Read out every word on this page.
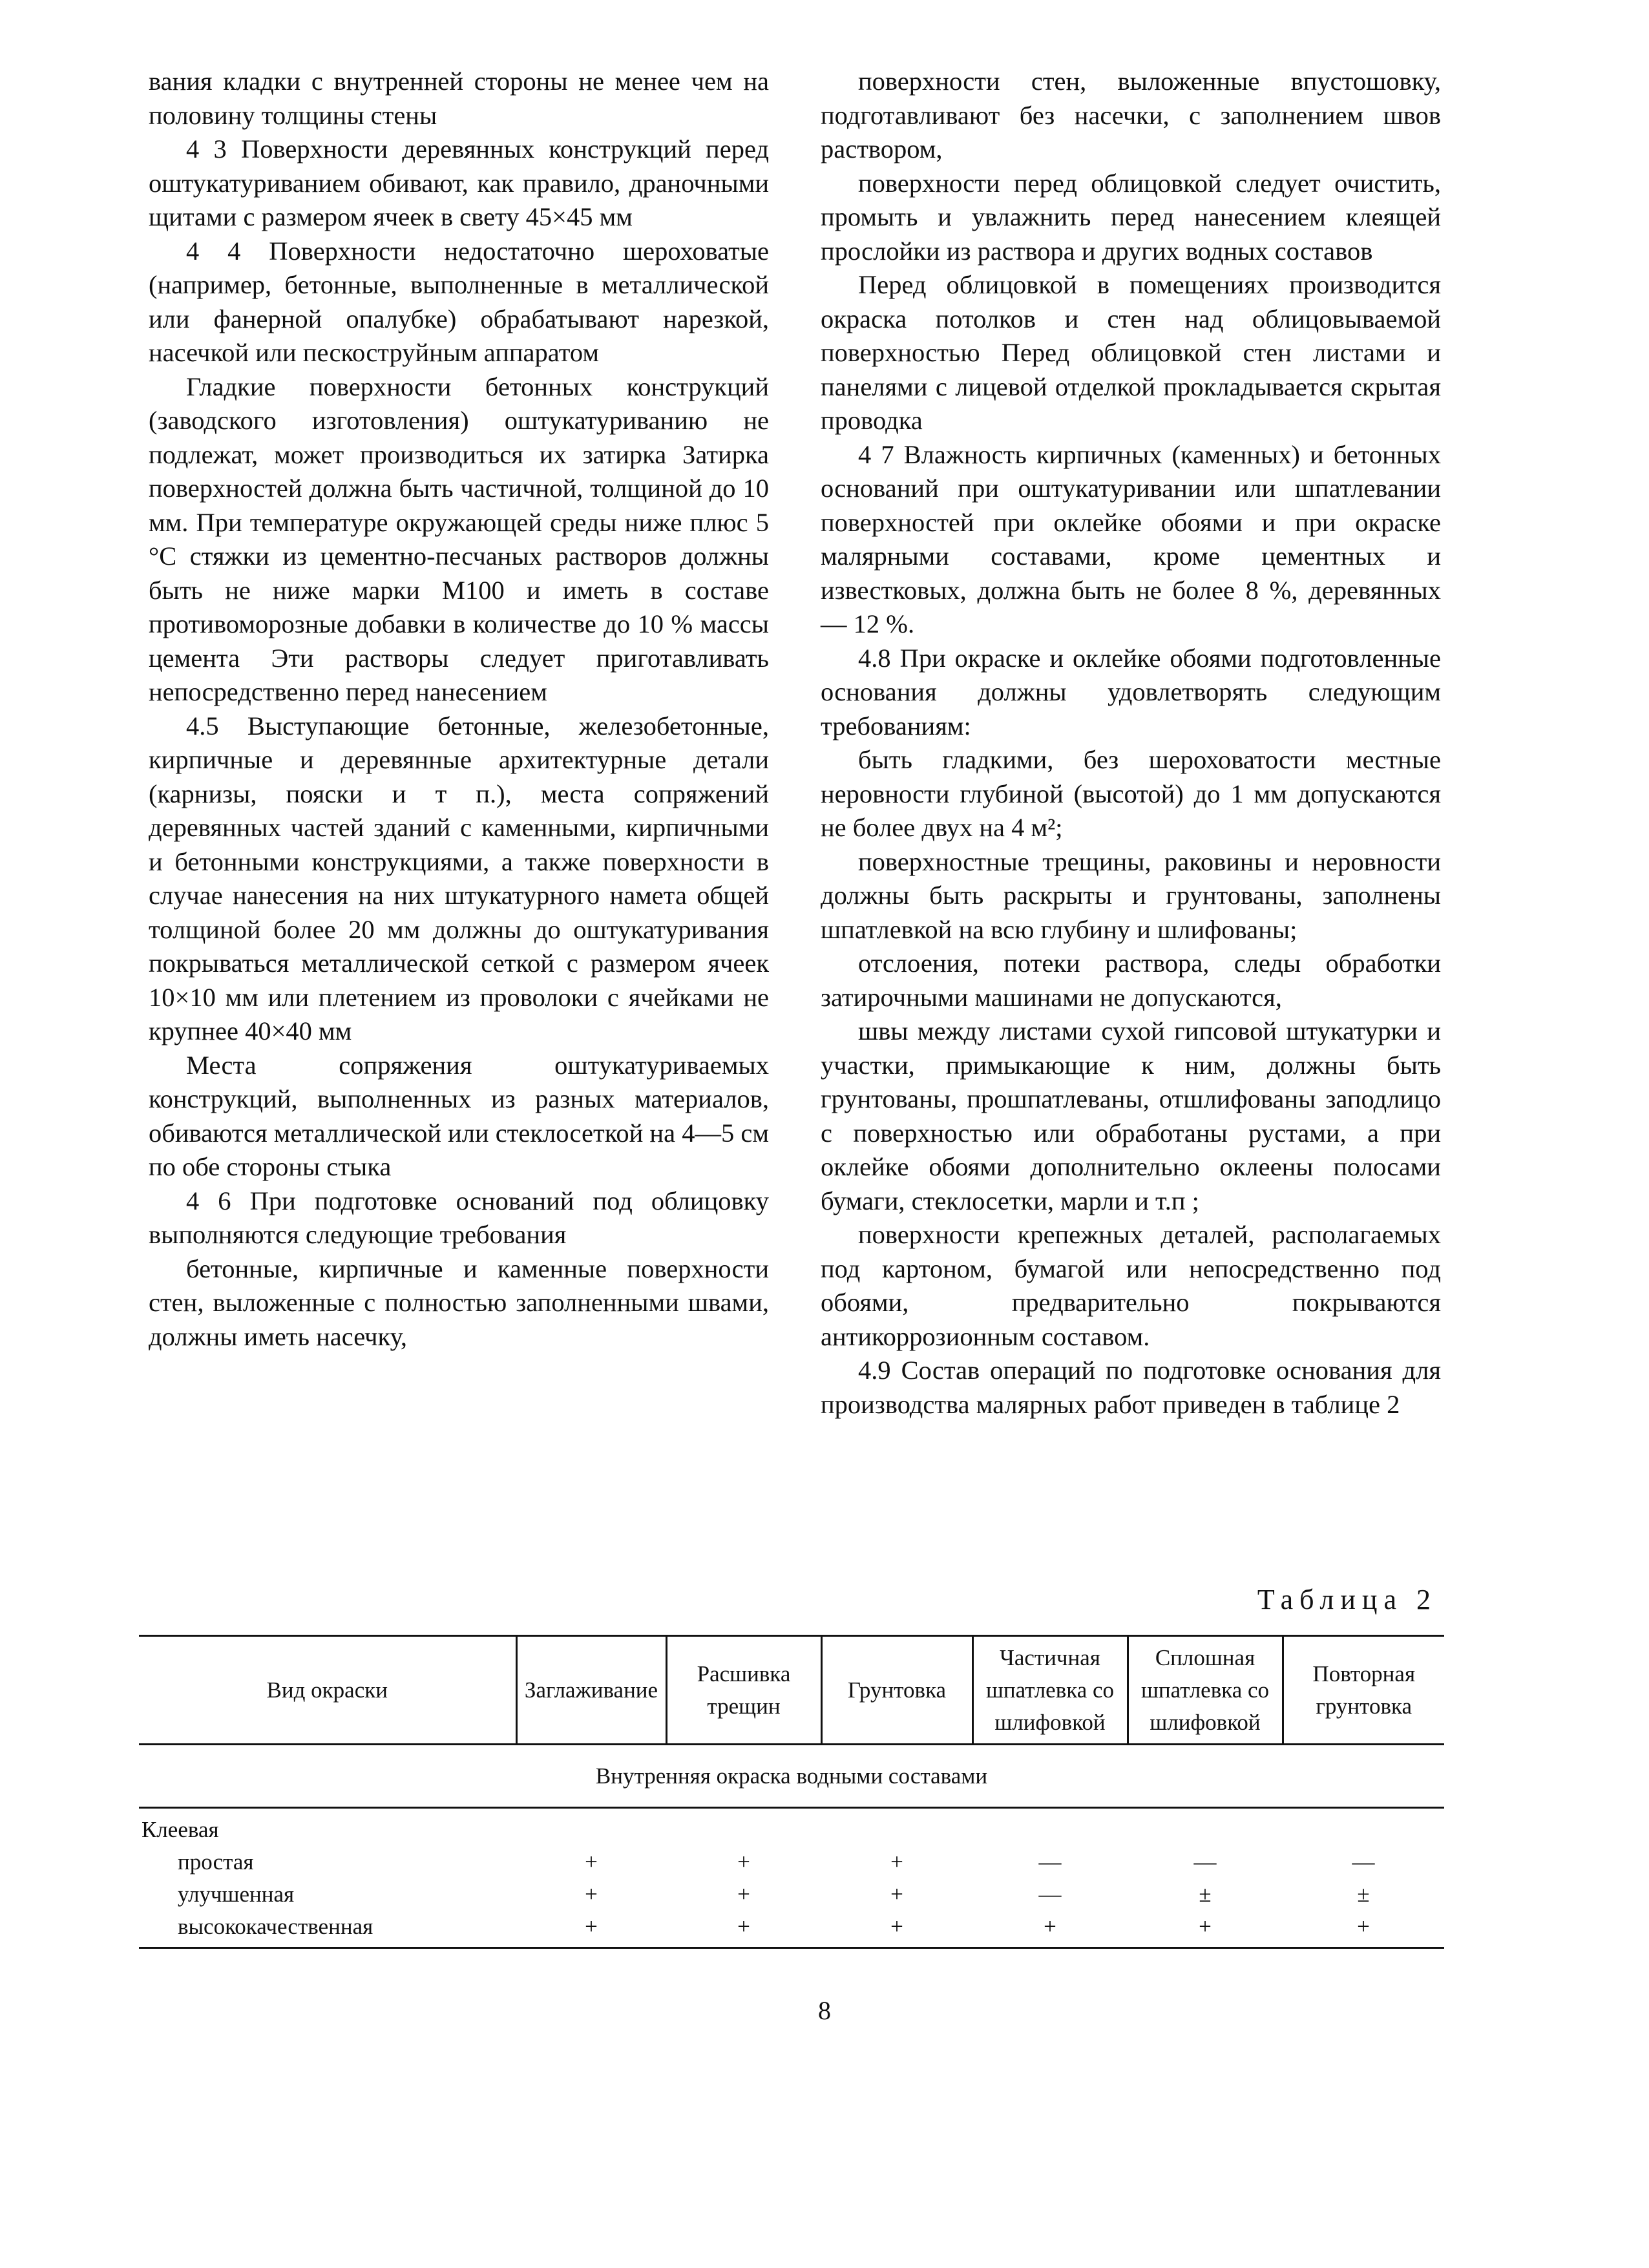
вания кладки с внутренней стороны не менее чем на половину толщины стены

4 3 Поверхности деревянных конструкций перед оштукатуриванием обивают, как правило, драночными щитами с размером ячеек в свету 45×45 мм

4 4 Поверхности недостаточно шероховатые (например, бетонные, выполненные в металлической или фанерной опалубке) обрабатывают нарезкой, насечкой или пескоструйным аппаратом

Гладкие поверхности бетонных конструкций (заводского изготовления) оштукатуриванию не подлежат, может производиться их затирка Затирка поверхностей должна быть частичной, толщиной до 10 мм. При температуре окружающей среды ниже плюс 5 °С стяжки из цементно-песчаных растворов должны быть не ниже марки М100 и иметь в составе противоморозные добавки в количестве до 10 % массы цемента Эти растворы следует приготавливать непосредственно перед нанесением

4.5 Выступающие бетонные, железобетонные, кирпичные и деревянные архитектурные детали (карнизы, пояски и т п.), места сопряжений деревянных частей зданий с каменными, кирпичными и бетонными конструкциями, а также поверхности в случае нанесения на них штукатурного намета общей толщиной более 20 мм должны до оштукатуривания покрываться металлической сеткой с размером ячеек 10×10 мм или плетением из проволоки с ячейками не крупнее 40×40 мм

Места сопряжения оштукатуриваемых конструкций, выполненных из разных материалов, обиваются металлической или стеклосеткой на 4—5 см по обе стороны стыка

4 6 При подготовке оснований под облицовку выполняются следующие требования

бетонные, кирпичные и каменные поверхности стен, выложенные с полностью заполненными швами, должны иметь насечку,

поверхности стен, выложенные впустошовку, подготавливают без насечки, с заполнением швов раствором,

поверхности перед облицовкой следует очистить, промыть и увлажнить перед нанесением клеящей прослойки из раствора и других водных составов

Перед облицовкой в помещениях производится окраска потолков и стен над облицовываемой поверхностью Перед облицовкой стен листами и панелями с лицевой отделкой прокладывается скрытая проводка

4 7 Влажность кирпичных (каменных) и бетонных оснований при оштукатуривании или шпатлевании поверхностей при оклейке обоями и при окраске малярными составами, кроме цементных и известковых, должна быть не более 8 %, деревянных — 12 %.

4.8 При окраске и оклейке обоями подготовленные основания должны удовлетворять следующим требованиям:

быть гладкими, без шероховатости местные неровности глубиной (высотой) до 1 мм допускаются не более двух на 4 м²;

поверхностные трещины, раковины и неровности должны быть раскрыты и грунтованы, заполнены шпатлевкой на всю глубину и шлифованы;

отслоения, потеки раствора, следы обработки затирочными машинами не допускаются,

швы между листами сухой гипсовой штукатурки и участки, примыкающие к ним, должны быть грунтованы, прошпатлеваны, отшлифованы заподлицо с поверхностью или обработаны рустами, а при оклейке обоями дополнительно оклеены полосами бумаги, стеклосетки, марли и т.п ;

поверхности крепежных деталей, располагаемых под картоном, бумагой или непосредственно под обоями, предварительно покрываются антикоррозионным составом.

4.9 Состав операций по подготовке основания для производства малярных работ приведен в таблице 2

Таблица 2
Вид окраски	Заглаживание	Расшивка трещин	Грунтовка	Частичная шпатлевка со шлифовкой	Сплошная шпатлевка со шлифовкой	Повторная грунтовка
Внутренняя окраска водными составами						
Клеевая						
простая	+	+	+	—	—	—
улучшенная	+	+	+	—	±	±
высококачественная	+	+	+	+	+	+
8
